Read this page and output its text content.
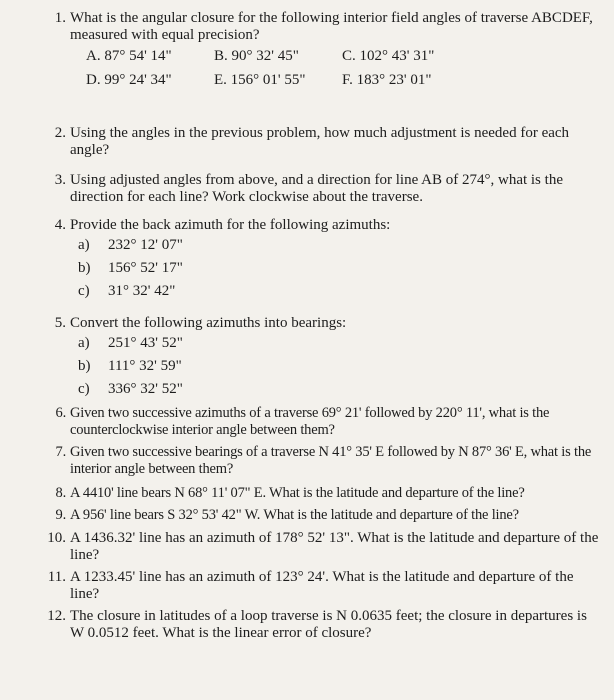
1. What is the angular closure for the following interior field angles of traverse ABCDEF, measured with equal precision?
A. 87° 54' 14"	B. 90° 32' 45"	C. 102° 43' 31"
D. 99° 24' 34"	E. 156° 01' 55" F. 183° 23' 01"
2. Using the angles in the previous problem, how much adjustment is needed for each angle?
3. Using adjusted angles from above, and a direction for line AB of 274°, what is the direction for each line? Work clockwise about the traverse.
4. Provide the back azimuth for the following azimuths:
a) 232° 12' 07"
b) 156° 52' 17"
c) 31° 32' 42"
5. Convert the following azimuths into bearings:
a) 251° 43' 52"
b) 111° 32' 59"
c) 336° 32' 52"
6. Given two successive azimuths of a traverse 69° 21' followed by 220° 11', what is the counterclockwise interior angle between them?
7. Given two successive bearings of a traverse N 41° 35' E followed by N 87° 36' E, what is the interior angle between them?
8. A 4410' line bears N 68° 11' 07" E. What is the latitude and departure of the line?
9. A 956' line bears S 32° 53' 42" W. What is the latitude and departure of the line?
10. A 1436.32' line has an azimuth of 178° 52' 13". What is the latitude and departure of the line?
11. A 1233.45' line has an azimuth of 123° 24'. What is the latitude and departure of the line?
12. The closure in latitudes of a loop traverse is N 0.0635 feet; the closure in departures is W 0.0512 feet. What is the linear error of closure?
